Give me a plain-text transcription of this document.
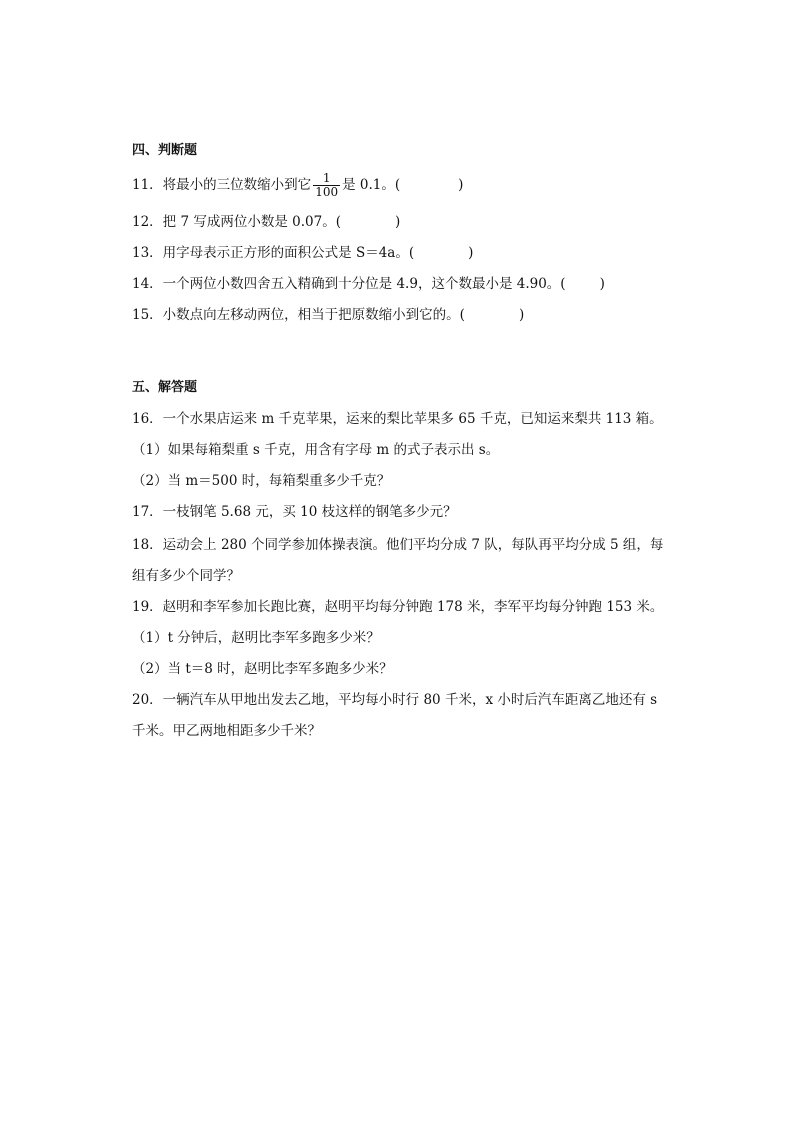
四、判断题
11．将最小的三位数缩小到它 $\frac{1}{100}$ 是 0.1。(	)
12．把 7 写成两位小数是 0.07。(	)
13．用字母表示正方形的面积公式是 S＝4a。(	)
14．一个两位小数四舍五入精确到十分位是 4.9，这个数最小是 4.90。(	)
15．小数点向左移动两位，相当于把原数缩小到它的。(	)
五、解答题
16．一个水果店运来 m 千克苹果，运来的梨比苹果多 65 千克，已知运来梨共 113 箱。
（1）如果每箱梨重 s 千克，用含有字母 m 的式子表示出 s。
（2）当 m＝500 时，每箱梨重多少千克？
17．一枝钢笔 5.68 元，买 10 枝这样的钢笔多少元？
18．运动会上 280 个同学参加体操表演。他们平均分成 7 队，每队再平均分成 5 组，每
组有多少个同学？
19．赵明和李军参加长跑比赛，赵明平均每分钟跑 178 米，李军平均每分钟跑 153 米。
（1）t 分钟后，赵明比李军多跑多少米？
（2）当 t＝8 时，赵明比李军多跑多少米？
20．一辆汽车从甲地出发去乙地，平均每小时行 80 千米，x 小时后汽车距离乙地还有 s
千米。甲乙两地相距多少千米？
